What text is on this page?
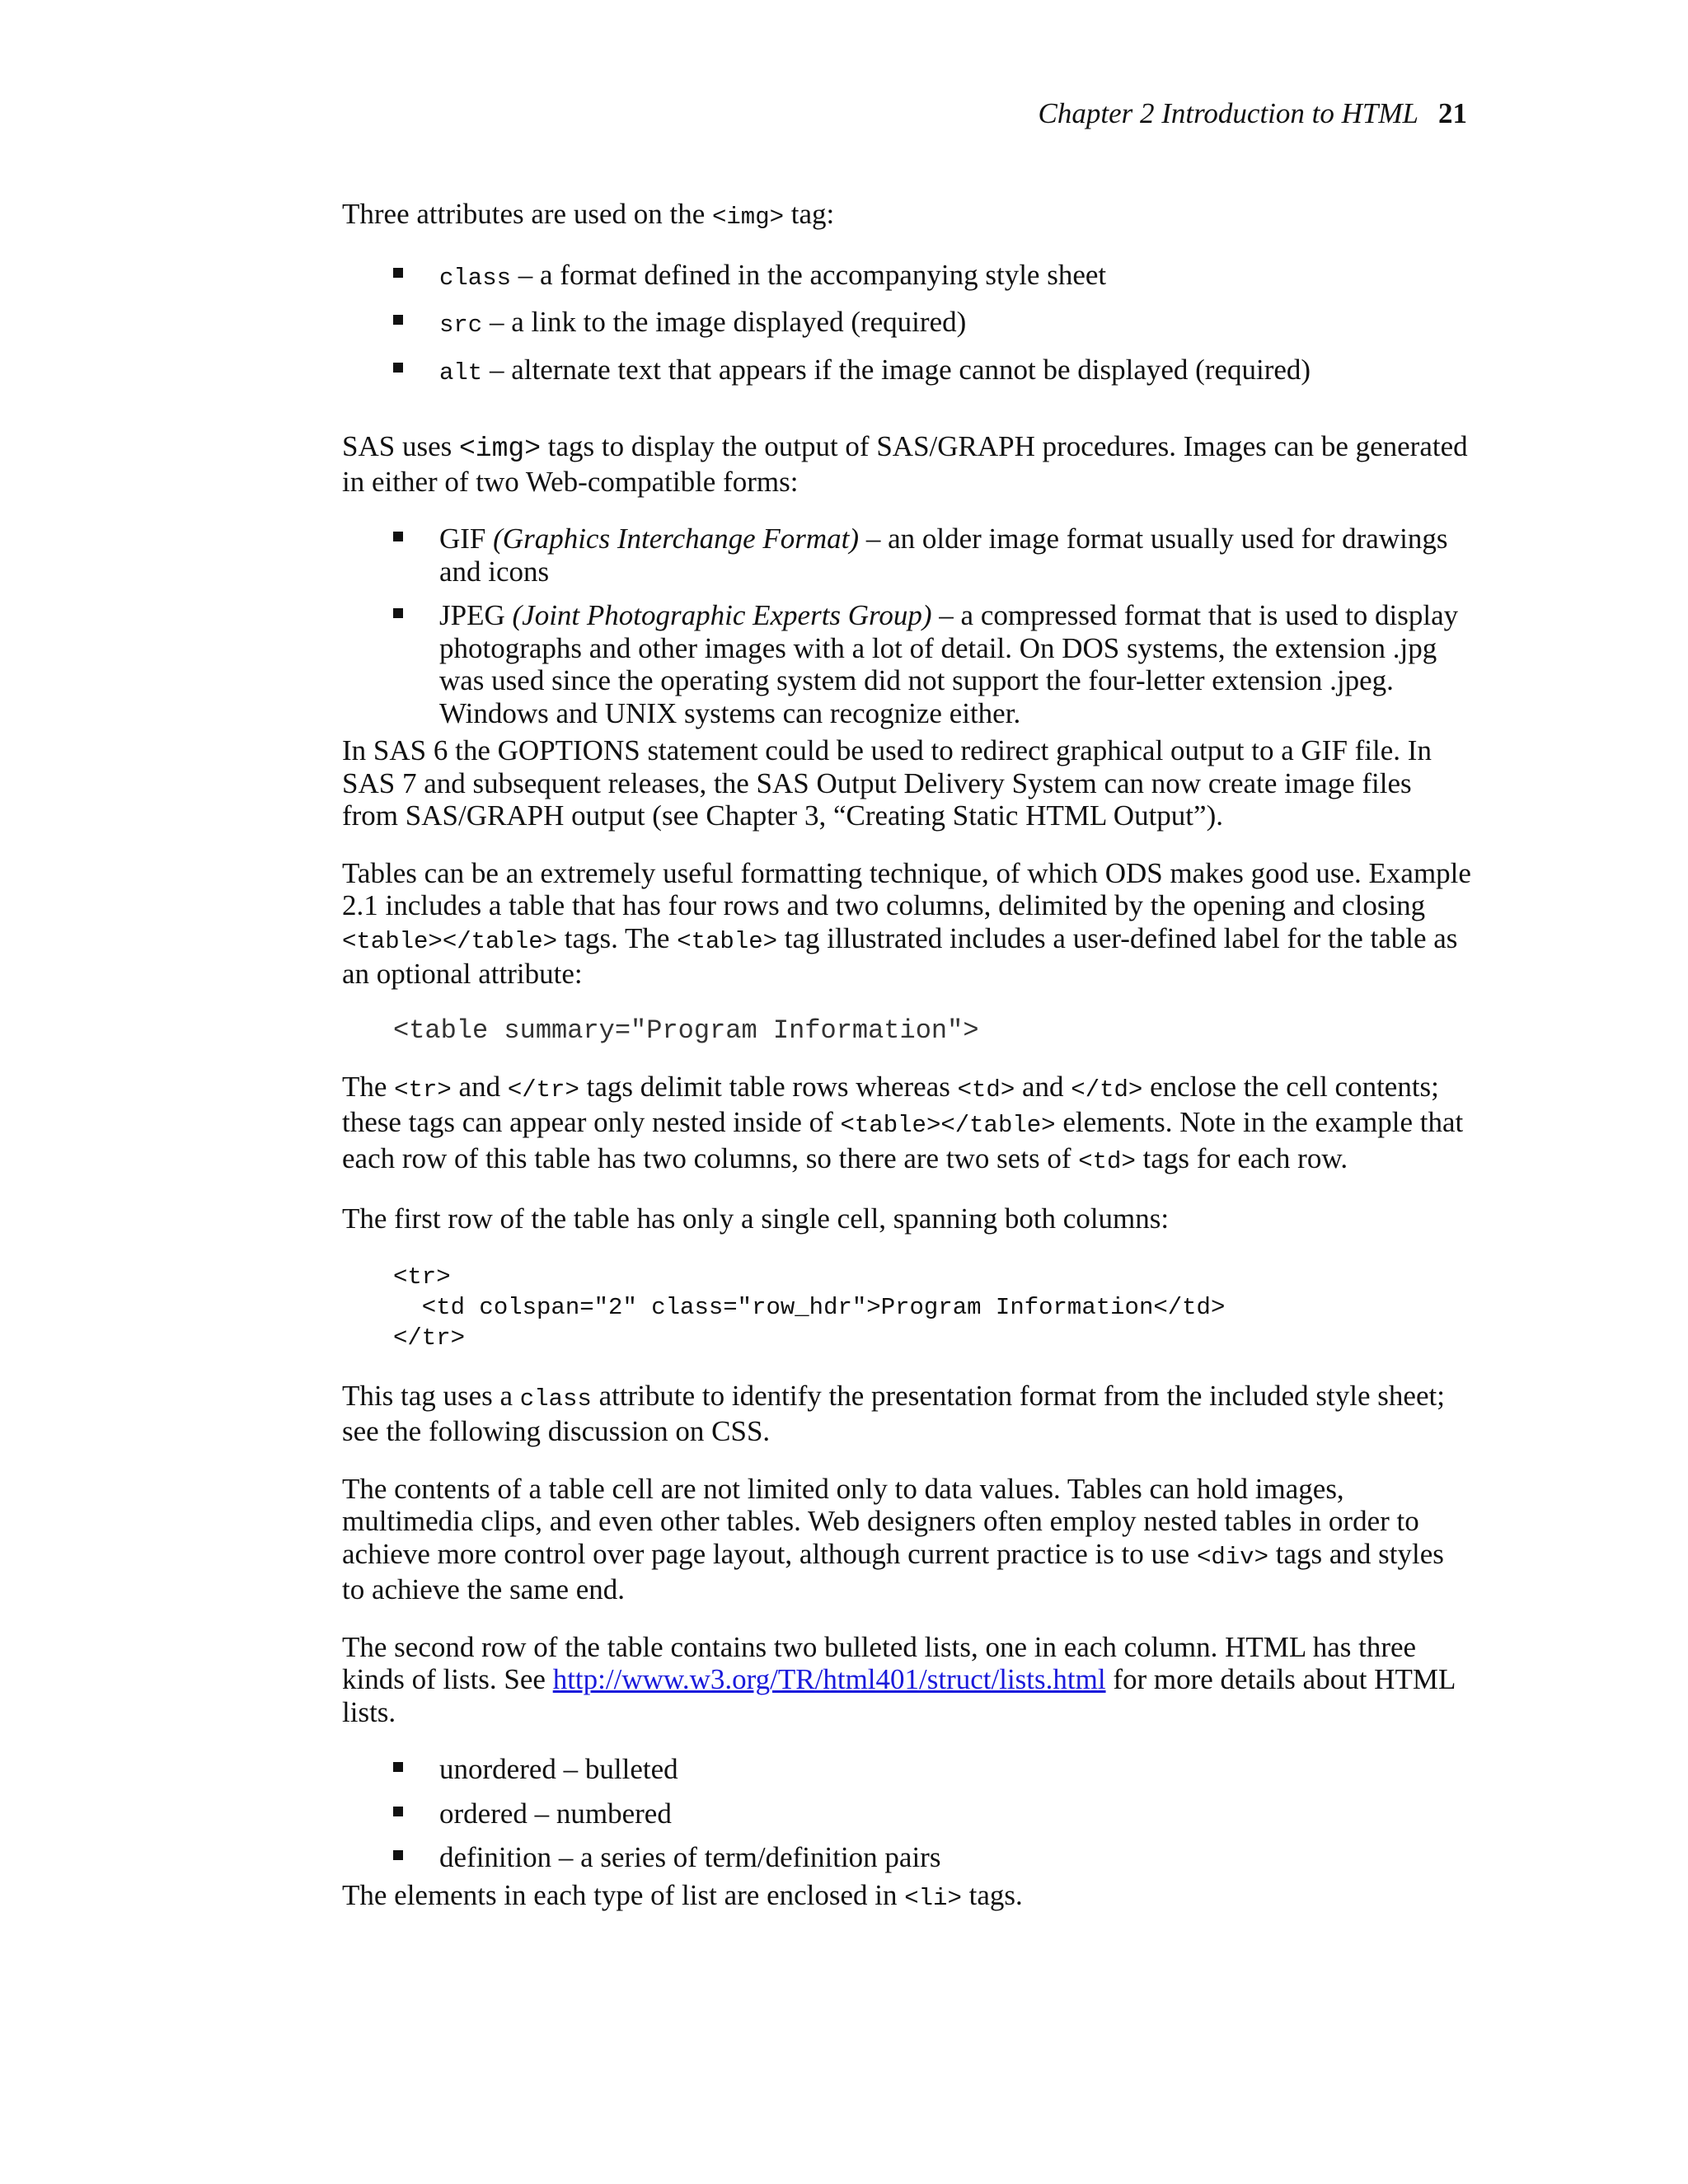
Chapter 2 Introduction to HTML 21

Three attributes are used on the <img> tag:

class – a format defined in the accompanying style sheet
src – a link to the image displayed (required)
alt – alternate text that appears if the image cannot be displayed (required)

SAS uses <img> tags to display the output of SAS/GRAPH procedures. Images can be generated in either of two Web-compatible forms:

GIF (Graphics Interchange Format) – an older image format usually used for drawings and icons
JPEG (Joint Photographic Experts Group) – a compressed format that is used to display photographs and other images with a lot of detail. On DOS systems, the extension .jpg was used since the operating system did not support the four-letter extension .jpeg. Windows and UNIX systems can recognize either.

In SAS 6 the GOPTIONS statement could be used to redirect graphical output to a GIF file. In SAS 7 and subsequent releases, the SAS Output Delivery System can now create image files from SAS/GRAPH output (see Chapter 3, “Creating Static HTML Output”).

Tables can be an extremely useful formatting technique, of which ODS makes good use. Example 2.1 includes a table that has four rows and two columns, delimited by the opening and closing <table></table> tags. The <table> tag illustrated includes a user-defined label for the table as an optional attribute:

<table summary="Program Information">

The <tr> and </tr> tags delimit table rows whereas <td> and </td> enclose the cell contents; these tags can appear only nested inside of <table></table> elements. Note in the example that each row of this table has two columns, so there are two sets of <td> tags for each row.

The first row of the table has only a single cell, spanning both columns:

<tr>
<td colspan="2" class="row_hdr">Program Information</td>
</tr>

This tag uses a class attribute to identify the presentation format from the included style sheet; see the following discussion on CSS.

The contents of a table cell are not limited only to data values. Tables can hold images, multimedia clips, and even other tables. Web designers often employ nested tables in order to achieve more control over page layout, although current practice is to use <div> tags and styles to achieve the same end.

The second row of the table contains two bulleted lists, one in each column. HTML has three kinds of lists. See http://www.w3.org/TR/html401/struct/lists.html for more details about HTML lists.

unordered – bulleted
ordered – numbered
definition – a series of term/definition pairs

The elements in each type of list are enclosed in <li> tags.
